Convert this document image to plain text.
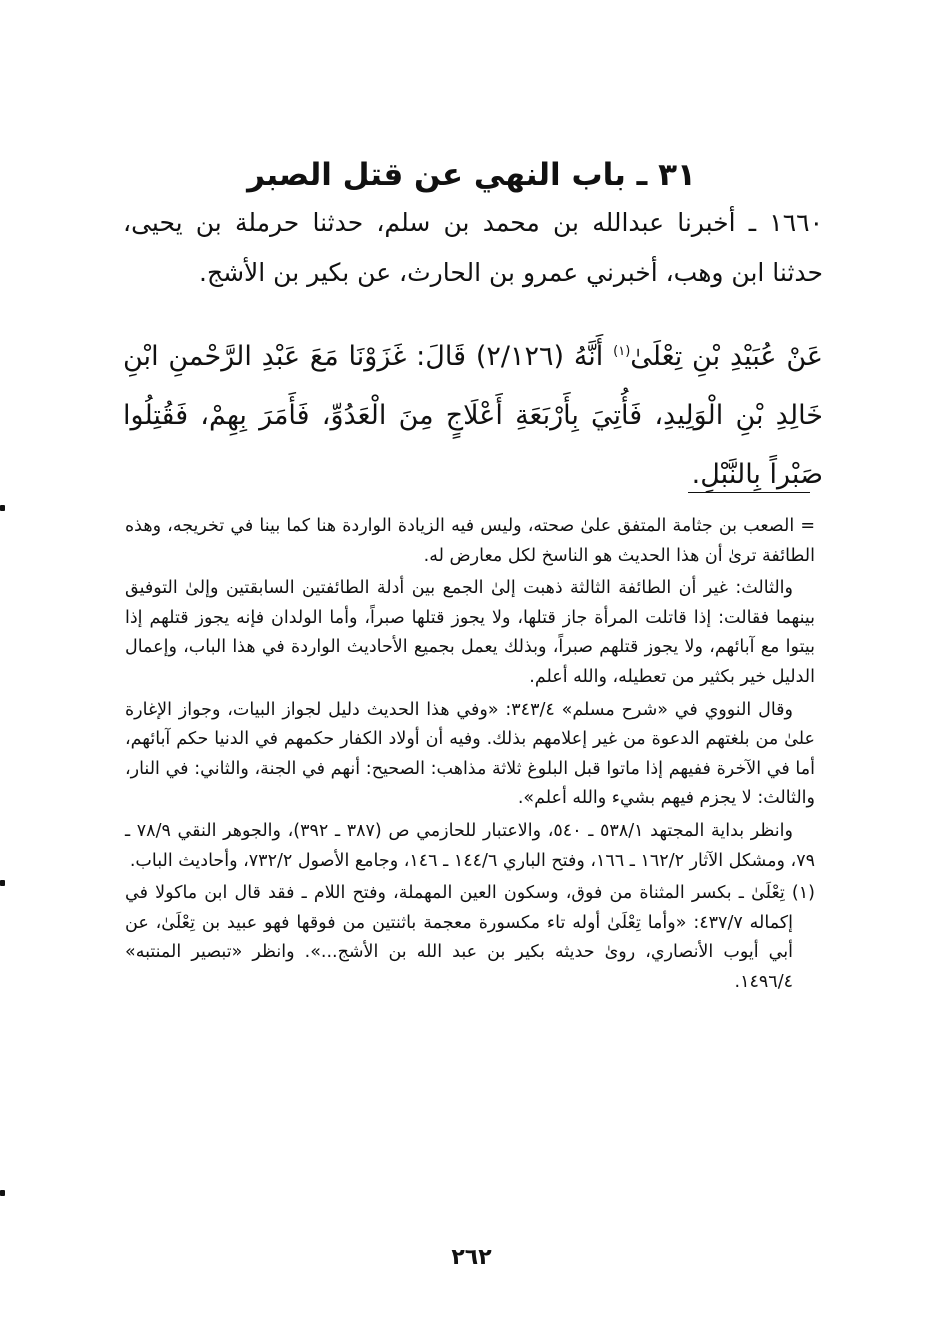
٣١ ـ باب النهي عن قتل الصبر

١٦٦٠ ـ أخبرنا عبدالله بن محمد بن سلم، حدثنا حرملة بن يحيى، حدثنا ابن وهب، أخبرني عمرو بن الحارث، عن بكير بن الأشج.

عَنْ عُبَيْدِ بْنِ تِعْلَىٰ$^{(١)}$ أَنَّهُ (٢/١٢٦) قَالَ: غَزَوْنَا مَعَ عَبْدِ الرَّحْمنِ ابْنِ خَالِدِ بْنِ الْوَلِيدِ، فَأُتِيَ بِأَرْبَعَةِ أَعْلَاجٍ مِنَ الْعَدُوِّ، فَأَمَرَ بِهِمْ، فَقُتِلُوا صَبْراً بِالنَّبْلِ.

= الصعب بن جثامة المتفق علىٰ صحته، وليس فيه الزيادة الواردة هنا كما بينا في تخريجه، وهذه الطائفة ترىٰ أن هذا الحديث هو الناسخ لكل معارض له.

والثالث: غير أن الطائفة الثالثة ذهبت إلىٰ الجمع بين أدلة الطائفتين السابقتين وإلىٰ التوفيق بينهما فقالت: إذا قاتلت المرأة جاز قتلها، ولا يجوز قتلها صبراً، وأما الولدان فإنه يجوز قتلهم إذا بيتوا مع آبائهم، ولا يجوز قتلهم صبراً، وبذلك يعمل بجميع الأحاديث الواردة في هذا الباب، وإعمال الدليل خير بكثير من تعطيله، والله أعلم.

وقال النووي في «شرح مسلم» ٣٤٣/٤: «وفي هذا الحديث دليل لجواز البيات، وجواز الإغارة علىٰ من بلغتهم الدعوة من غير إعلامهم بذلك. وفيه أن أولاد الكفار حكمهم في الدنيا حكم آبائهم، أما في الآخرة ففيهم إذا ماتوا قبل البلوغ ثلاثة مذاهب: الصحيح: أنهم في الجنة، والثاني: في النار، والثالث: لا يجزم فيهم بشيء والله أعلم».

وانظر بداية المجتهد ٥٣٨/١ ـ ٥٤٠، والاعتبار للحازمي ص (٣٨٧ ـ ٣٩٢)، والجوهر النقي ٧٨/٩ ـ ٧٩، ومشكل الآثار ١٦٢/٢ ـ ١٦٦، وفتح الباري ١٤٤/٦ ـ ١٤٦، وجامع الأصول ٧٣٢/٢، وأحاديث الباب.

(١) تِعْلَىٰ ـ بكسر المثناة من فوق، وسكون العين المهملة، وفتح اللام ـ فقد قال ابن ماكولا في إكماله ٤٣٧/٧: «وأما تِعْلَىٰ أوله تاء مكسورة معجمة باثنتين من فوقها فهو عبيد بن تِعْلَىٰ، عن أبي أيوب الأنصاري، روىٰ حديثه بكير بن عبد الله بن الأشج...». وانظر «تبصير المنتبه» ١٤٩٦/٤.

٢٦٢
